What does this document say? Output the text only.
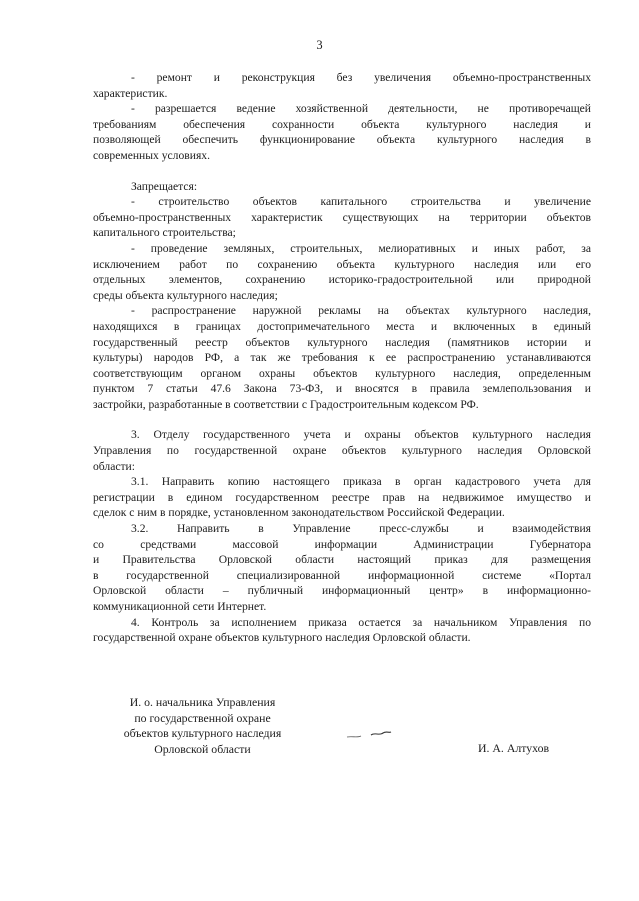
3
- ремонт и реконструкция без увеличения объемно-пространственных
характеристик.
- разрешается ведение хозяйственной деятельности, не противоречащей
требованиям обеспечения сохранности объекта культурного наследия и
позволяющей обеспечить функционирование объекта культурного наследия в
современных условиях.
Запрещается:
- строительство объектов капитального строительства и увеличение
объемно-пространственных характеристик существующих на территории объектов
капитального строительства;
- проведение земляных, строительных, мелиоративных и иных работ, за
исключением работ по сохранению объекта культурного наследия или его
отдельных элементов, сохранению историко-градостроительной или природной
среды объекта культурного наследия;
- распространение наружной рекламы на объектах культурного наследия,
находящихся в границах достопримечательного места и включенных в единый
государственный реестр объектов культурного наследия (памятников истории и
культуры) народов РФ, а так же требования к ее распространению устанавливаются
соответствующим органом охраны объектов культурного наследия, определенным
пунктом 7 статьи 47.6 Закона 73-ФЗ, и вносятся в правила землепользования и
застройки, разработанные в соответствии с Градостроительным кодексом РФ.
3. Отделу государственного учета и охраны объектов культурного наследия
Управления по государственной охране объектов культурного наследия Орловской
области:
3.1. Направить копию настоящего приказа в орган кадастрового учета для
регистрации в едином государственном реестре прав на недвижимое имущество и
сделок с ним в порядке, установленном законодательством Российской Федерации.
3.2. Направить в Управление пресс-службы и взаимодействия
со средствами массовой информации Администрации Губернатора
и Правительства Орловской области настоящий приказ для размещения
в государственной специализированной информационной системе «Портал
Орловской области – публичный информационный центр» в информационно-
коммуникационной сети Интернет.
4. Контроль за исполнением приказа остается за начальником Управления по
государственной охране объектов культурного наследия Орловской области.
И. о. начальника Управления
по государственной охране
объектов культурного наследия
Орловской области	И. А. Алтухов
